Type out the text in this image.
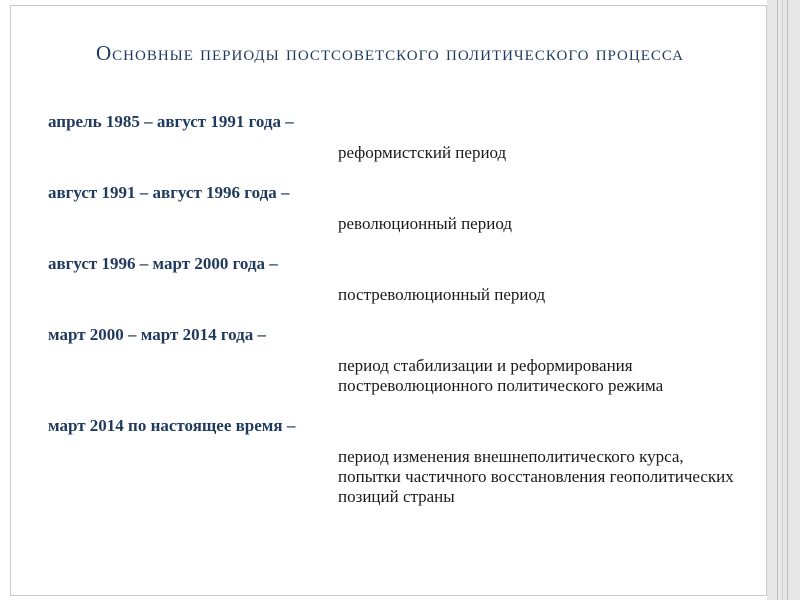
Основные периоды постсоветского политического процесса
апрель 1985 – август 1991 года –
реформистский период
август 1991 – август 1996 года –
революционный период
август 1996 – март 2000 года –
постреволюционный период
март 2000 – март 2014 года –
период стабилизации и реформирования постреволюционного политического режима
март 2014 по настоящее время –
период изменения внешнеполитического курса, попытки частичного восстановления геополитических позиций страны
